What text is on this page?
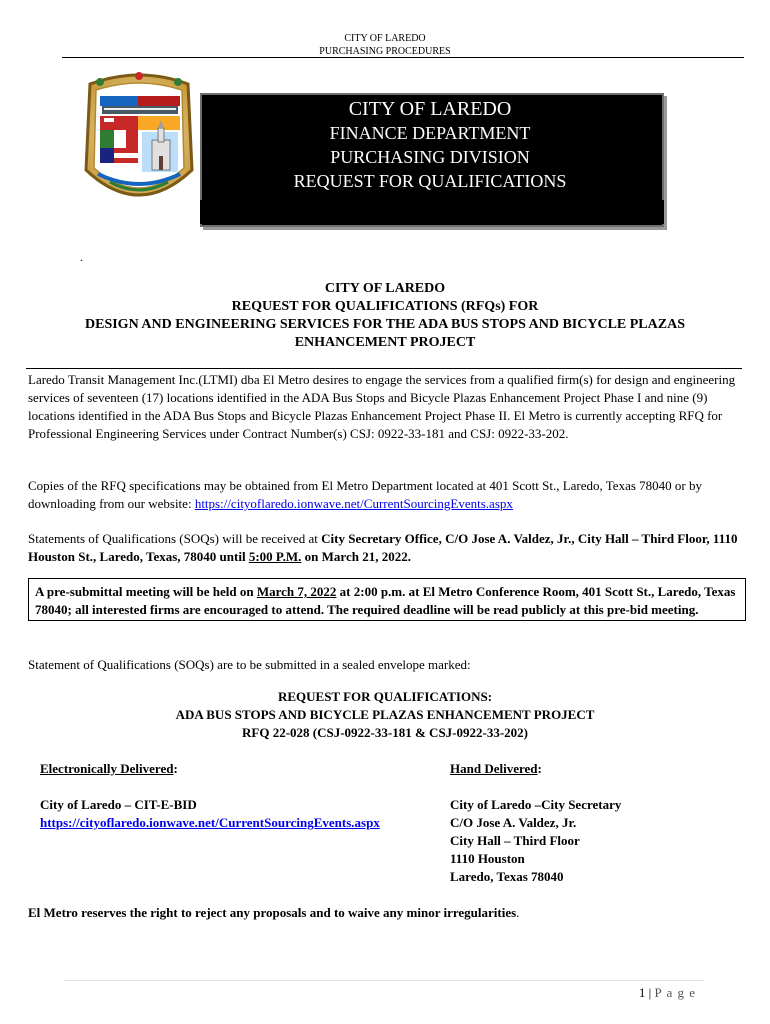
CITY OF LAREDO
PURCHASING PROCEDURES
CITY OF LAREDO
FINANCE DEPARTMENT
PURCHASING DIVISION
REQUEST FOR QUALIFICATIONS
.
CITY OF LAREDO
REQUEST FOR QUALIFICATIONS (RFQs) FOR
DESIGN AND ENGINEERING SERVICES FOR THE ADA BUS STOPS AND BICYCLE PLAZAS
ENHANCEMENT PROJECT
Laredo Transit Management Inc.(LTMI) dba El Metro desires to engage the services from a qualified firm(s) for design and engineering services of seventeen (17) locations identified in the ADA Bus Stops and Bicycle Plazas Enhancement Project Phase I and nine (9) locations identified in the ADA Bus Stops and Bicycle Plazas Enhancement Project Phase II. El Metro is currently accepting RFQ for Professional Engineering Services under Contract Number(s) CSJ: 0922-33-181 and CSJ: 0922-33-202.
Copies of the RFQ specifications may be obtained from El Metro Department located at 401 Scott St., Laredo, Texas 78040 or by downloading from our website: https://cityoflaredo.ionwave.net/CurrentSourcingEvents.aspx
Statements of Qualifications (SOQs) will be received at City Secretary Office, C/O Jose A. Valdez, Jr., City Hall – Third Floor, 1110 Houston St., Laredo, Texas, 78040 until 5:00 P.M. on March 21, 2022.
A pre-submittal meeting will be held on March 7, 2022 at 2:00 p.m. at El Metro Conference Room, 401 Scott St., Laredo, Texas 78040; all interested firms are encouraged to attend. The required deadline will be read publicly at this pre-bid meeting.
Statement of Qualifications (SOQs) are to be submitted in a sealed envelope marked:
REQUEST FOR QUALIFICATIONS:
ADA BUS STOPS AND BICYCLE PLAZAS ENHANCEMENT PROJECT
RFQ 22-028 (CSJ-0922-33-181 & CSJ-0922-33-202)
Electronically Delivered:
City of Laredo – CIT-E-BID
https://cityoflaredo.ionwave.net/CurrentSourcingEvents.aspx
Hand Delivered:
City of Laredo –City Secretary
C/O Jose A. Valdez, Jr.
City Hall – Third Floor
1110 Houston
Laredo, Texas 78040
El Metro reserves the right to reject any proposals and to waive any minor irregularities.
1 | P a g e
